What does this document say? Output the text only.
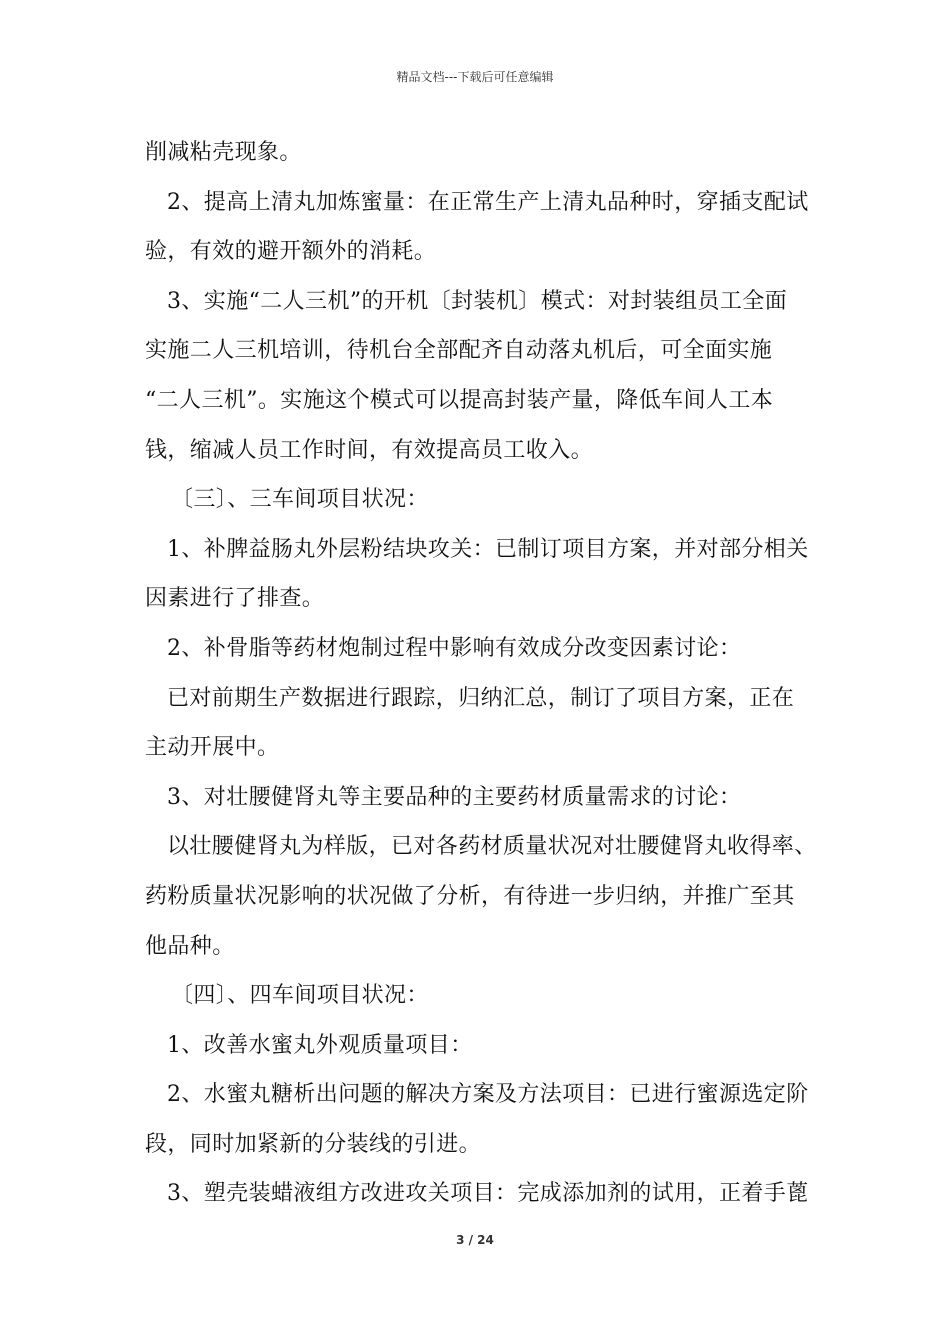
精品文档---下载后可任意编辑
削减粘壳现象。
2、提高上清丸加炼蜜量：在正常生产上清丸品种时，穿插支配试
验，有效的避开额外的消耗。
3、实施“二人三机”的开机〔封装机〕模式：对封装组员工全面
实施二人三机培训，待机台全部配齐自动落丸机后，可全面实施
“二人三机”。实施这个模式可以提高封装产量，降低车间人工本
钱，缩减人员工作时间，有效提高员工收入。
〔三〕、三车间项目状况：
1、补脾益肠丸外层粉结块攻关：已制订项目方案，并对部分相关
因素进行了排查。
2、补骨脂等药材炮制过程中影响有效成分改变因素讨论：
已对前期生产数据进行跟踪，归纳汇总，制订了项目方案，正在
主动开展中。
3、对壮腰健肾丸等主要品种的主要药材质量需求的讨论：
以壮腰健肾丸为样版，已对各药材质量状况对壮腰健肾丸收得率、
药粉质量状况影响的状况做了分析，有待进一步归纳，并推广至其
他品种。
〔四〕、四车间项目状况：
1、改善水蜜丸外观质量项目：
2、水蜜丸糖析出问题的解决方案及方法项目：已进行蜜源选定阶
段，同时加紧新的分装线的引进。
3、塑壳装蜡液组方改进攻关项目：完成添加剂的试用，正着手蓖
3 / 24
